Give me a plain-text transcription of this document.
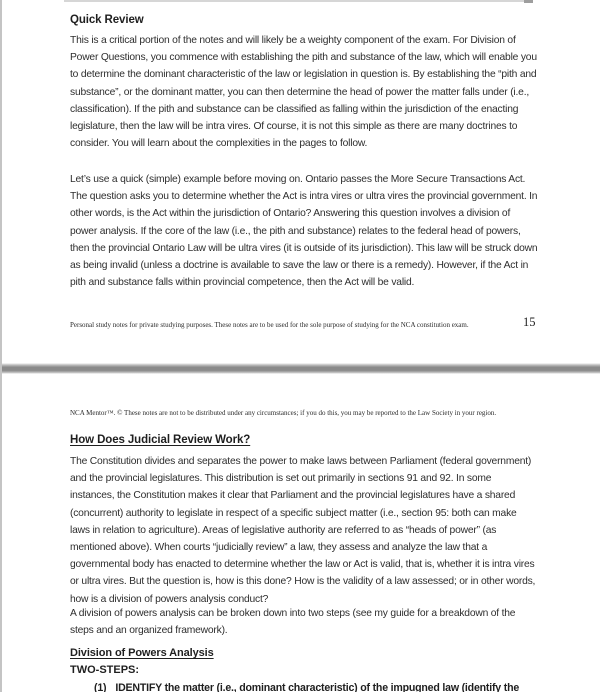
Quick Review
This is a critical portion of the notes and will likely be a weighty component of the exam. For Division of Power Questions, you commence with establishing the pith and substance of the law, which will enable you to determine the dominant characteristic of the law or legislation in question is. By establishing the “pith and substance”, or the dominant matter, you can then determine the head of power the matter falls under (i.e., classification). If the pith and substance can be classified as falling within the jurisdiction of the enacting legislature, then the law will be intra vires. Of course, it is not this simple as there are many doctrines to consider. You will learn about the complexities in the pages to follow.
Let’s use a quick (simple) example before moving on. Ontario passes the More Secure Transactions Act. The question asks you to determine whether the Act is intra vires or ultra vires the provincial government. In other words, is the Act within the jurisdiction of Ontario? Answering this question involves a division of power analysis. If the core of the law (i.e., the pith and substance) relates to the federal head of powers, then the provincial Ontario Law will be ultra vires (it is outside of its jurisdiction). This law will be struck down as being invalid (unless a doctrine is available to save the law or there is a remedy). However, if the Act in pith and substance falls within provincial competence, then the Act will be valid.
Personal study notes for private studying purposes. These notes are to be used for the sole purpose of studying for the NCA constitution exam.	15
NCA Mentor™. © These notes are not to be distributed under any circumstances; if you do this, you may be reported to the Law Society in your region.
How Does Judicial Review Work?
The Constitution divides and separates the power to make laws between Parliament (federal government) and the provincial legislatures. This distribution is set out primarily in sections 91 and 92. In some instances, the Constitution makes it clear that Parliament and the provincial legislatures have a shared (concurrent) authority to legislate in respect of a specific subject matter (i.e., section 95: both can make laws in relation to agriculture). Areas of legislative authority are referred to as “heads of power” (as mentioned above). When courts “judicially review” a law, they assess and analyze the law that a governmental body has enacted to determine whether the law or Act is valid, that is, whether it is intra vires or ultra vires. But the question is, how is this done? How is the validity of a law assessed; or in other words, how is a division of powers analysis conduct?
A division of powers analysis can be broken down into two steps (see my guide for a breakdown of the steps and an organized framework).
Division of Powers Analysis
TWO-STEPS:
(1) IDENTIFY the matter (i.e., dominant characteristic) of the impugned law (identify the
